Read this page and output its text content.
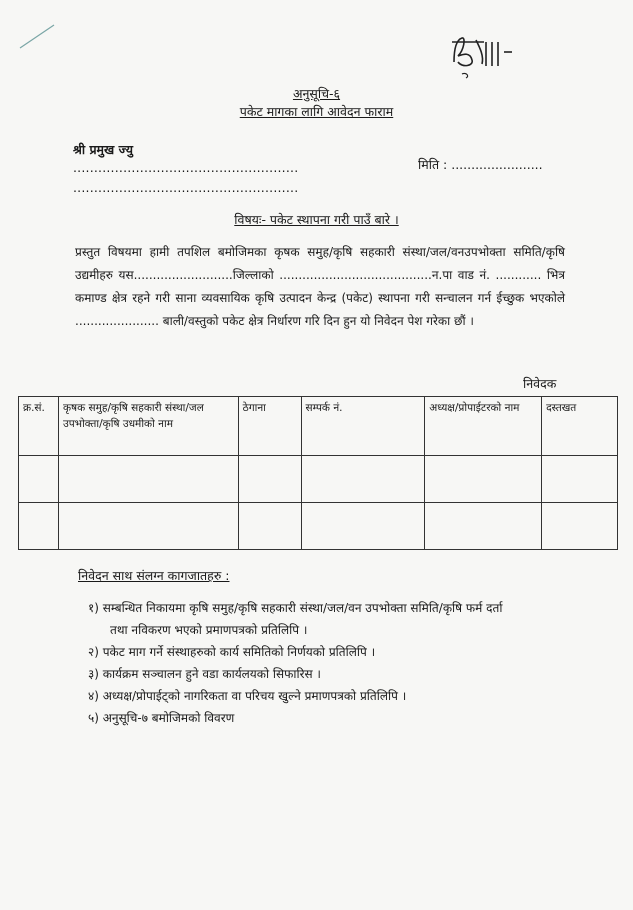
अनुसूचि-६
पकेट मागका लागि आवेदन फाराम
श्री प्रमुख ज्यु
......................................................
......................................................
मिति : .......................
विषयः- पकेट स्थापना गरी पाउँ बारे ।
प्रस्तुत विषयमा हामी तपशिल बमोजिमका कृषक समुह/कृषि सहकारी संस्था/जल/वनउपभोक्ता समिति/कृषि उद्यमीहरु यस..........................जिल्लाको ........................................न.पा वाड नं. ............ भित्र कमाण्ड क्षेत्र रहने गरी साना व्यवसायिक कृषि उत्पादन केन्द्र (पकेट) स्थापना गरी सन्चालन गर्न ईच्छुक भएकोले ...................... बाली/वस्तुको पकेट क्षेत्र निर्धारण गरि दिन हुन यो निवेदन पेश गरेका छौं ।
निवेदक
क्र.सं.	कृषक समुह/कृषि सहकारी संस्था/जल उपभोक्ता/कृषि उधमीको नाम	ठेगाना	सम्पर्क नं.	अध्यक्ष/प्रोपाईटरको नाम	दस्तखत

निवेदन साथ संलग्न कागजातहरु :
१) सम्बन्धित निकायमा कृषि समुह/कृषि सहकारी संस्था/जल/वन उपभोक्ता समिति/कृषि फर्म दर्ता
तथा नविकरण भएको प्रमाणपत्रको प्रतिलिपि ।
२) पकेट माग गर्ने संस्थाहरुको कार्य समितिको निर्णयको प्रतिलिपि ।
३) कार्यक्रम सञ्चालन हुने वडा कार्यलयको सिफारिस ।
४) अध्यक्ष/प्रोपाईट्को नागरिकता वा परिचय खुल्ने प्रमाणपत्रको प्रतिलिपि ।
५) अनुसूचि-७ बमोजिमको विवरण
